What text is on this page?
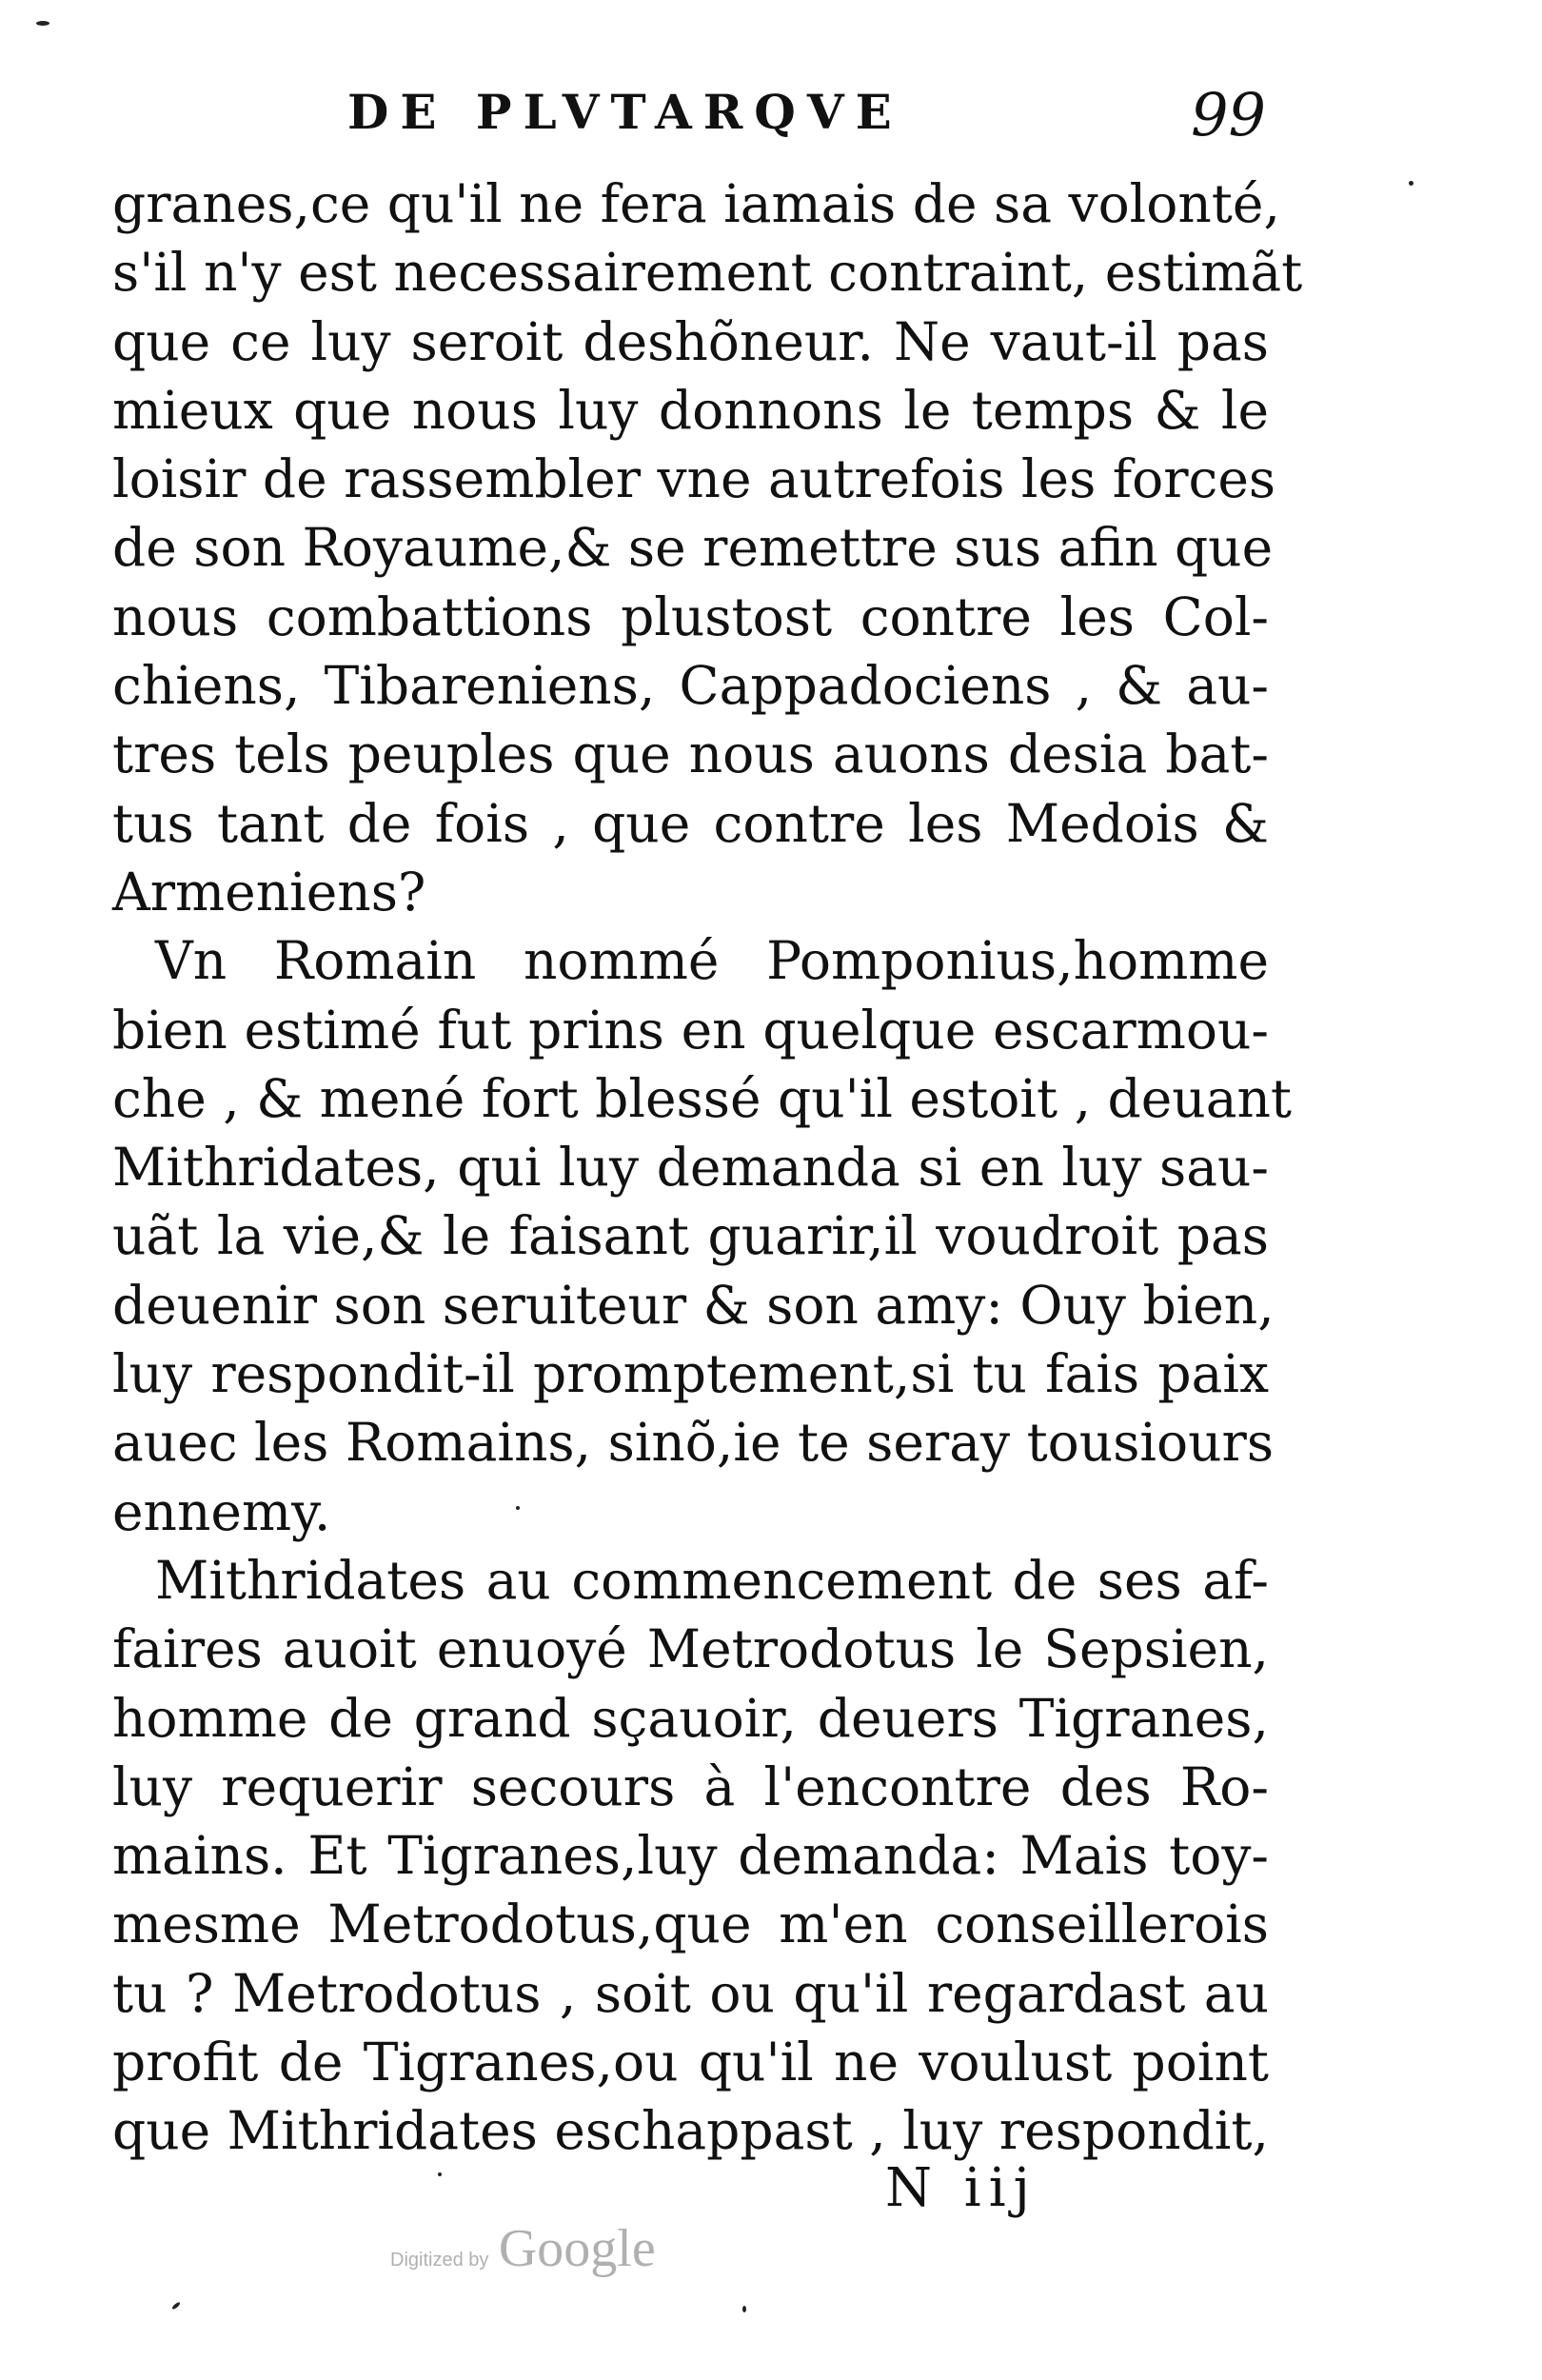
DE PLVTARQVE	99
granes,ce qu'il ne fera iamais de sa volonté,
s'il n'y est necessairement contraint, estimãt
que ce luy seroit deshõneur. Ne vaut-il pas
mieux que nous luy donnons le temps & le
loisir de rassembler vne autrefois les forces
de son Royaume,& se remettre sus afin que
nous combattions plustost contre les Col-
chiens, Tibareniens, Cappadociens , & au-
tres tels peuples que nous auons desia bat-
tus tant de fois , que contre les Medois &
Armeniens?
Vn Romain nommé Pomponius,homme
bien estimé fut prins en quelque escarmou-
che , & mené fort blessé qu'il estoit , deuant
Mithridates, qui luy demanda si en luy sau-
uãt la vie,& le faisant guarir,il voudroit pas
deuenir son seruiteur & son amy: Ouy bien,
luy respondit-il promptement,si tu fais paix
auec les Romains, sinõ,ie te seray tousiours
ennemy.
Mithridates au commencement de ses af-
faires auoit enuoyé Metrodotus le Sepsien,
homme de grand sçauoir, deuers Tigranes,
luy requerir secours à l'encontre des Ro-
mains. Et Tigranes,luy demanda: Mais toy-
mesme Metrodotus,que m'en conseillerois
tu ? Metrodotus , soit ou qu'il regardast au
profit de Tigranes,ou qu'il ne voulust point
que Mithridates eschappast , luy respondit,
N iij
Digitized by Google
